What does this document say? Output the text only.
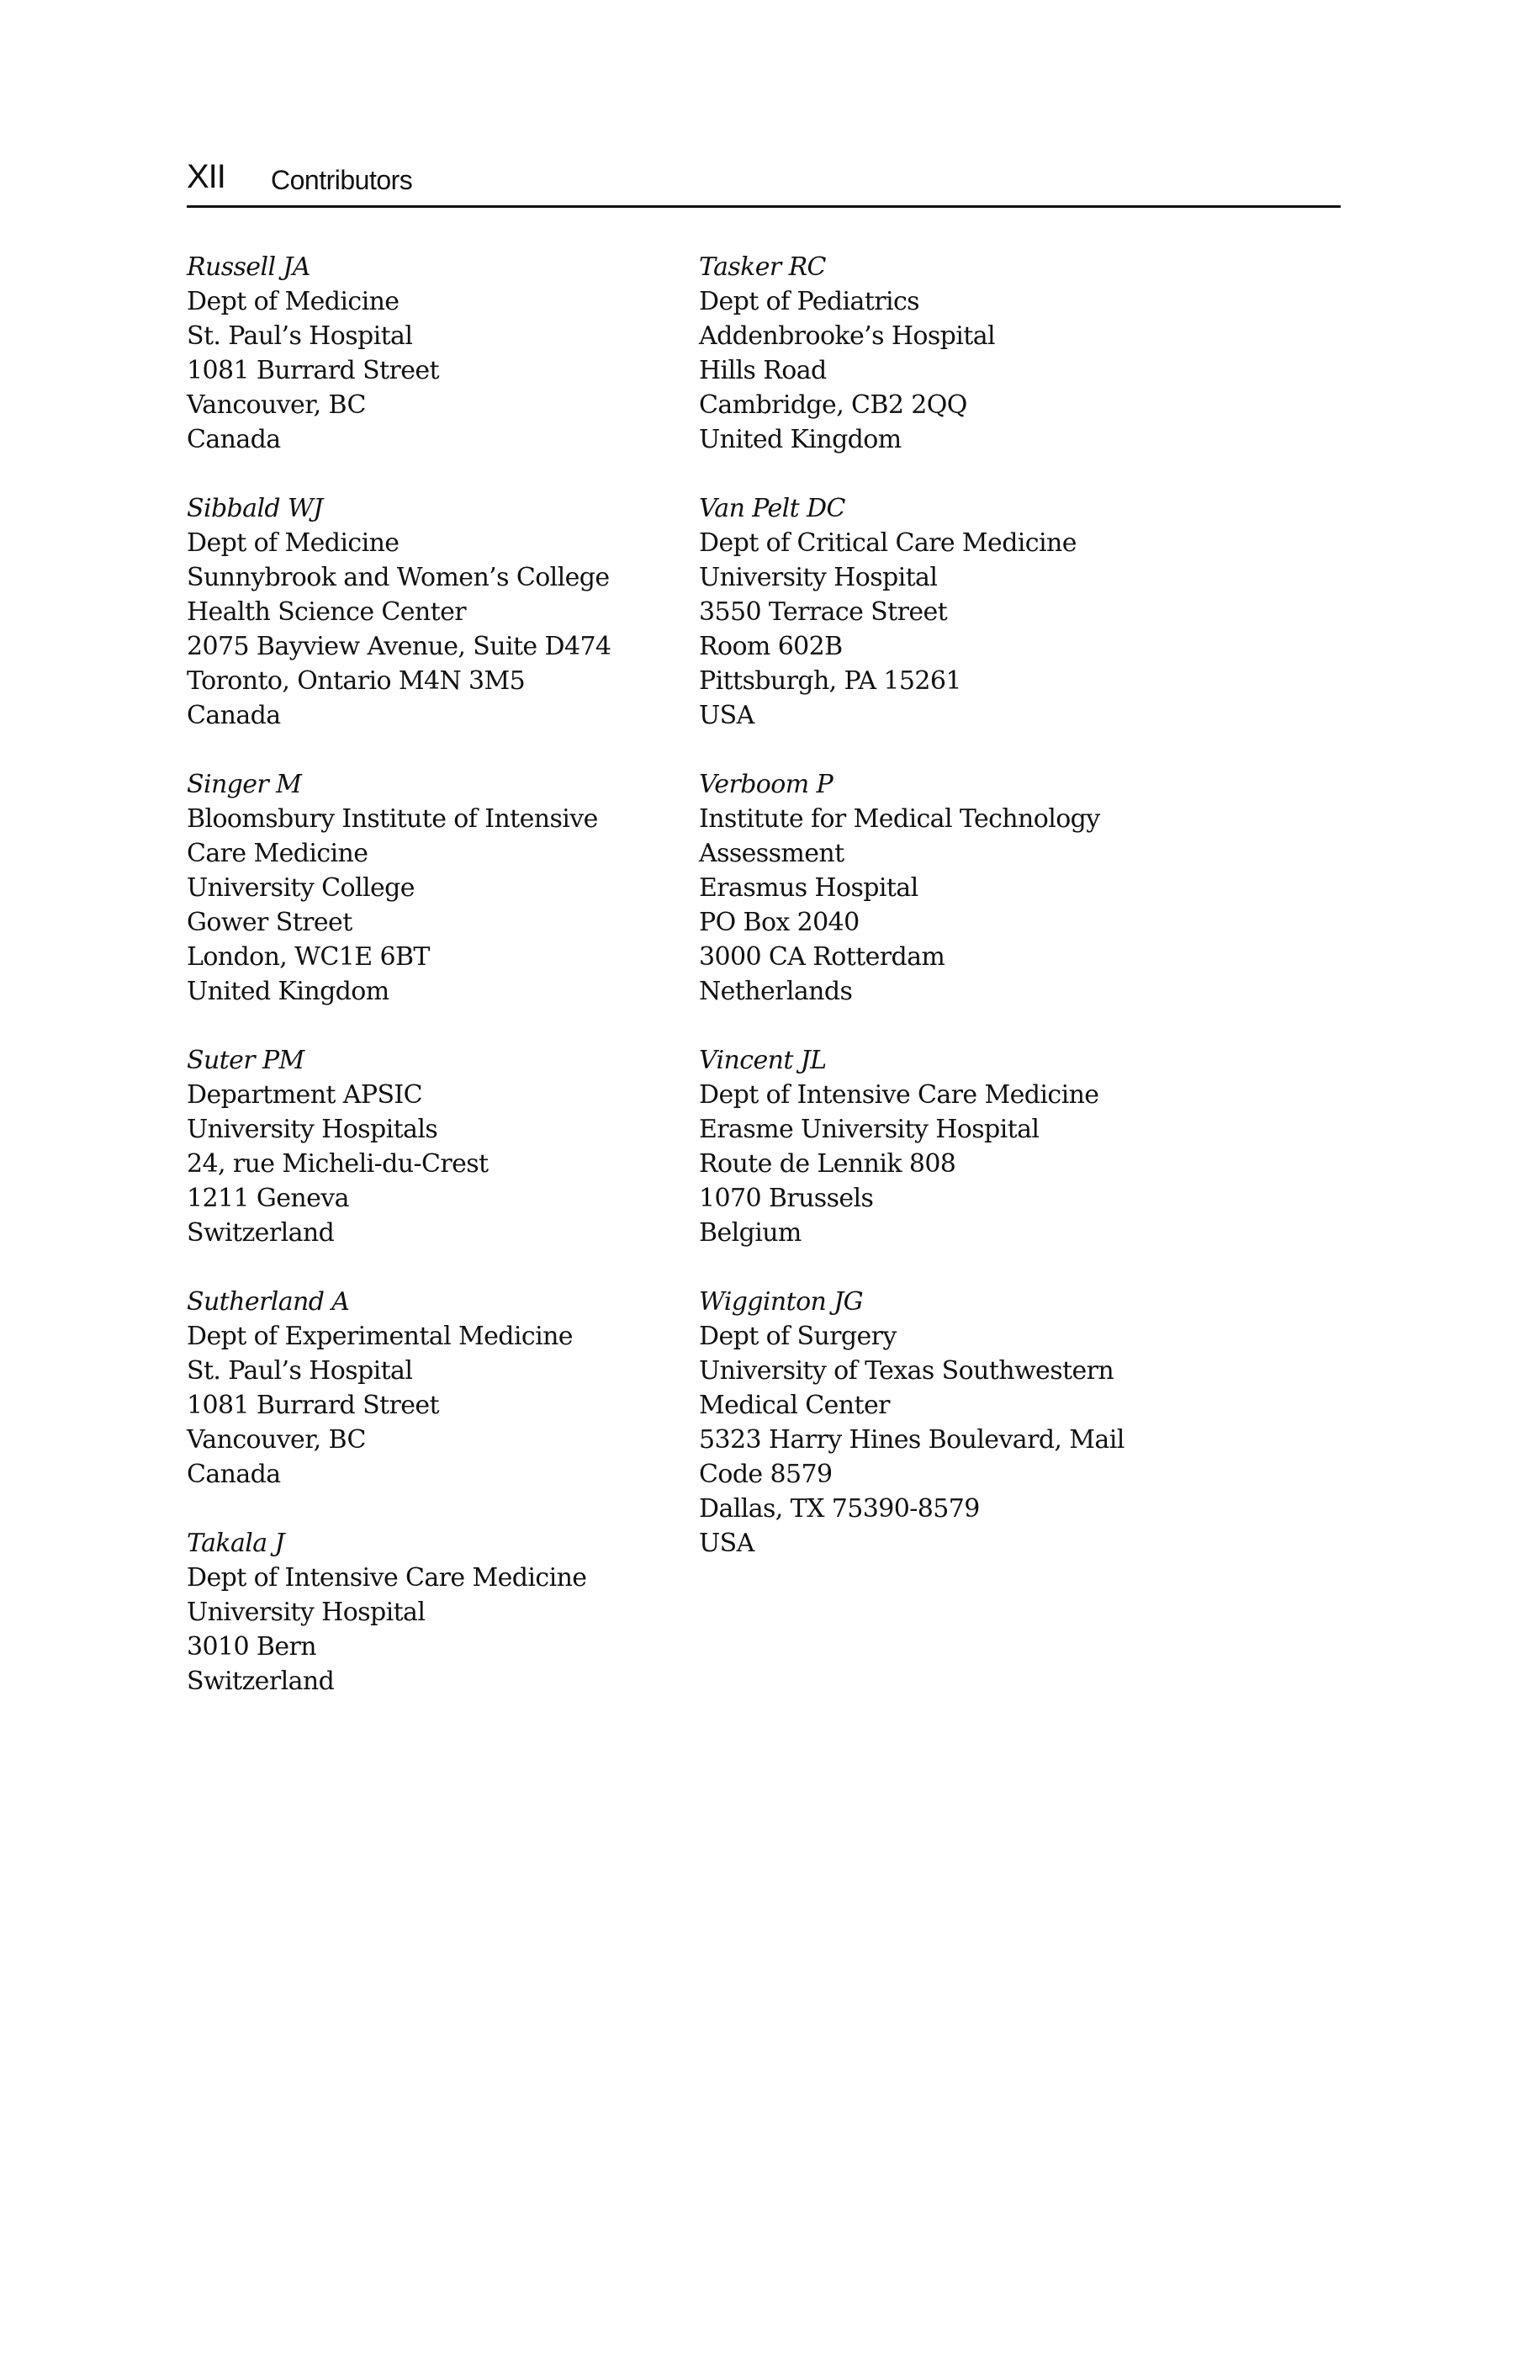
XII Contributors
Russell JA
Dept of Medicine
St. Paul’s Hospital
1081 Burrard Street
Vancouver, BC
Canada
Sibbald WJ
Dept of Medicine
Sunnybrook and Women’s College
Health Science Center
2075 Bayview Avenue, Suite D474
Toronto, Ontario M4N 3M5
Canada
Singer M
Bloomsbury Institute of Intensive
Care Medicine
University College
Gower Street
London, WC1E 6BT
United Kingdom
Suter PM
Department APSIC
University Hospitals
24, rue Micheli-du-Crest
1211 Geneva
Switzerland
Sutherland A
Dept of Experimental Medicine
St. Paul’s Hospital
1081 Burrard Street
Vancouver, BC
Canada
Takala J
Dept of Intensive Care Medicine
University Hospital
3010 Bern
Switzerland
Tasker RC
Dept of Pediatrics
Addenbrooke’s Hospital
Hills Road
Cambridge, CB2 2QQ
United Kingdom
Van Pelt DC
Dept of Critical Care Medicine
University Hospital
3550 Terrace Street
Room 602B
Pittsburgh, PA 15261
USA
Verboom P
Institute for Medical Technology
Assessment
Erasmus Hospital
PO Box 2040
3000 CA Rotterdam
Netherlands
Vincent JL
Dept of Intensive Care Medicine
Erasme University Hospital
Route de Lennik 808
1070 Brussels
Belgium
Wigginton JG
Dept of Surgery
University of Texas Southwestern
Medical Center
5323 Harry Hines Boulevard, Mail
Code 8579
Dallas, TX 75390-8579
USA
